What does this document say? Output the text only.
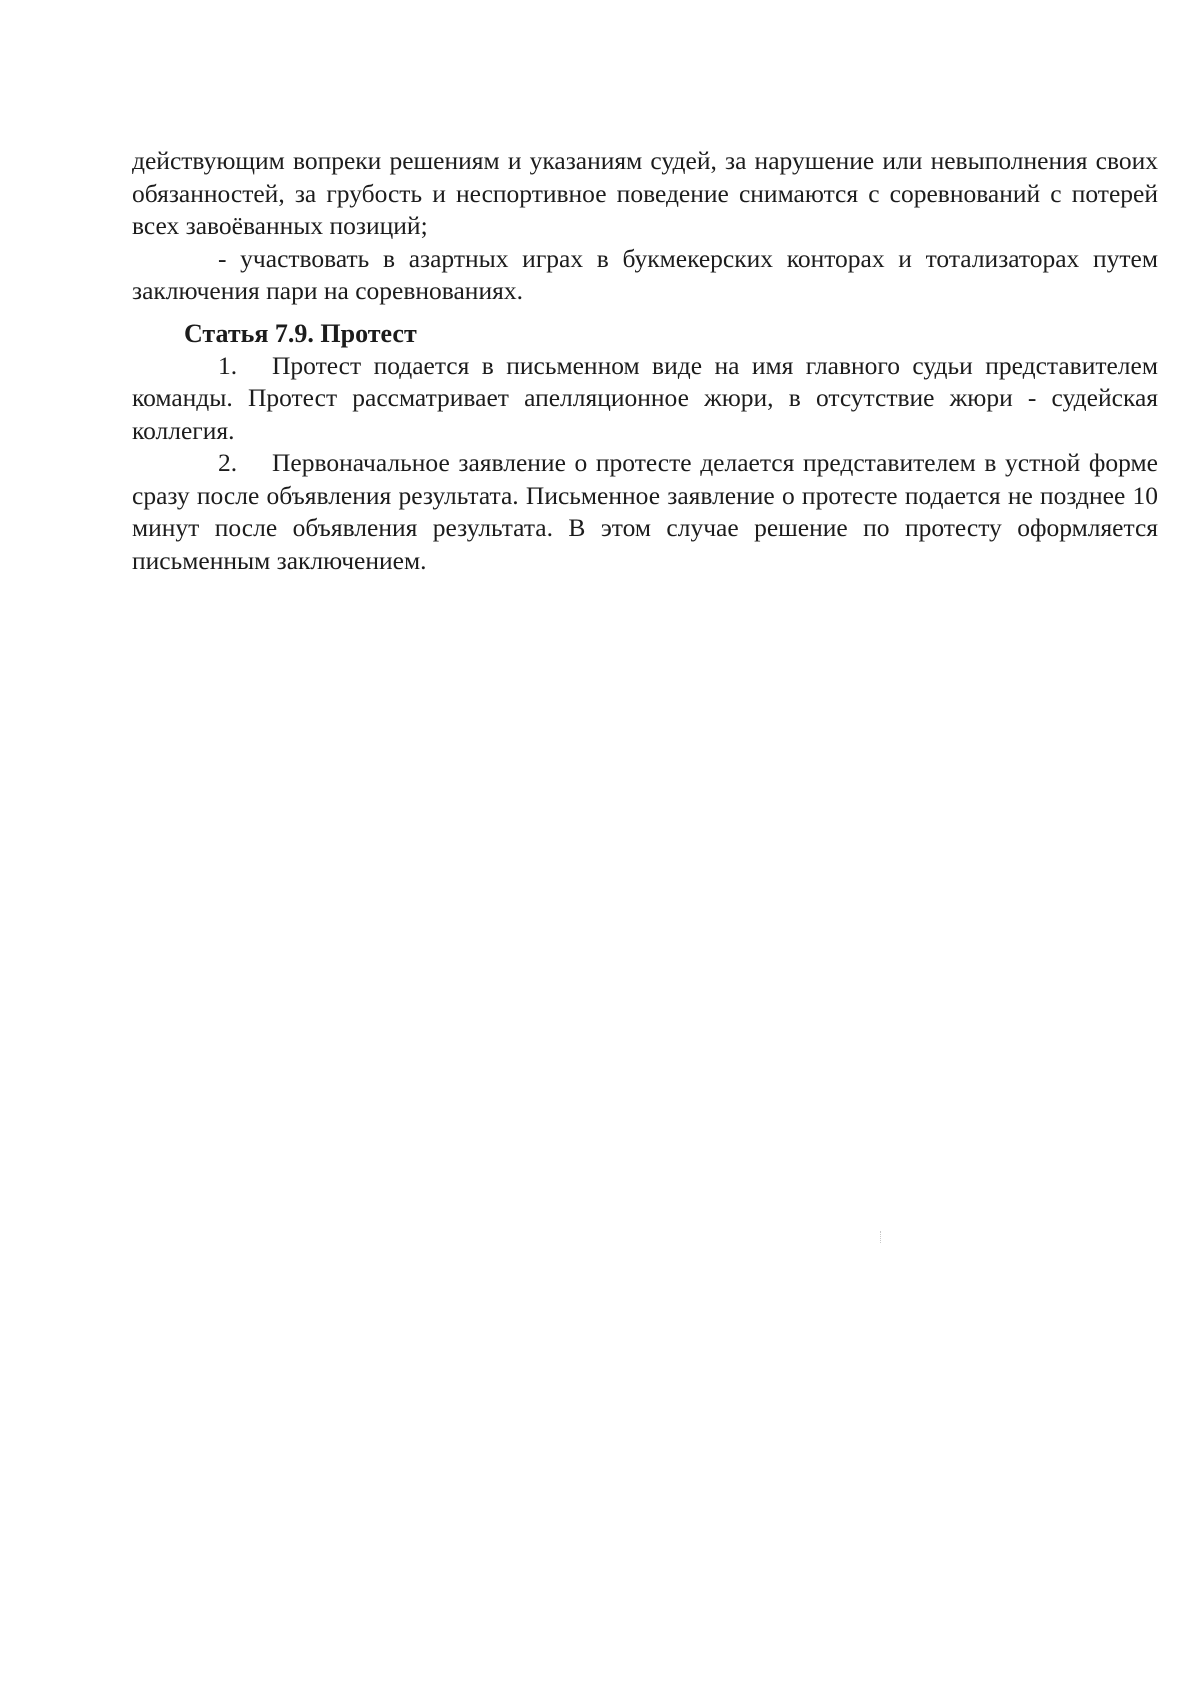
действующим вопреки решениям и указаниям судей, за нарушение или невыполнения своих обязанностей, за грубость и неспортивное поведение снимаются с соревнований с потерей всех завоёванных позиций;

- участвовать в азартных играх в букмекерских конторах и тотализаторах путем заключения пари на соревнованиях.

Статья 7.9. Протест

1. Протест подается в письменном виде на имя главного судьи представителем команды. Протест рассматривает апелляционное жюри, в отсутствие жюри - судейская коллегия.

2. Первоначальное заявление о протесте делается представителем в устной форме сразу после объявления результата. Письменное заявление о протесте подается не позднее 10 минут после объявления результата. В этом случае решение по протесту оформляется письменным заключением.
